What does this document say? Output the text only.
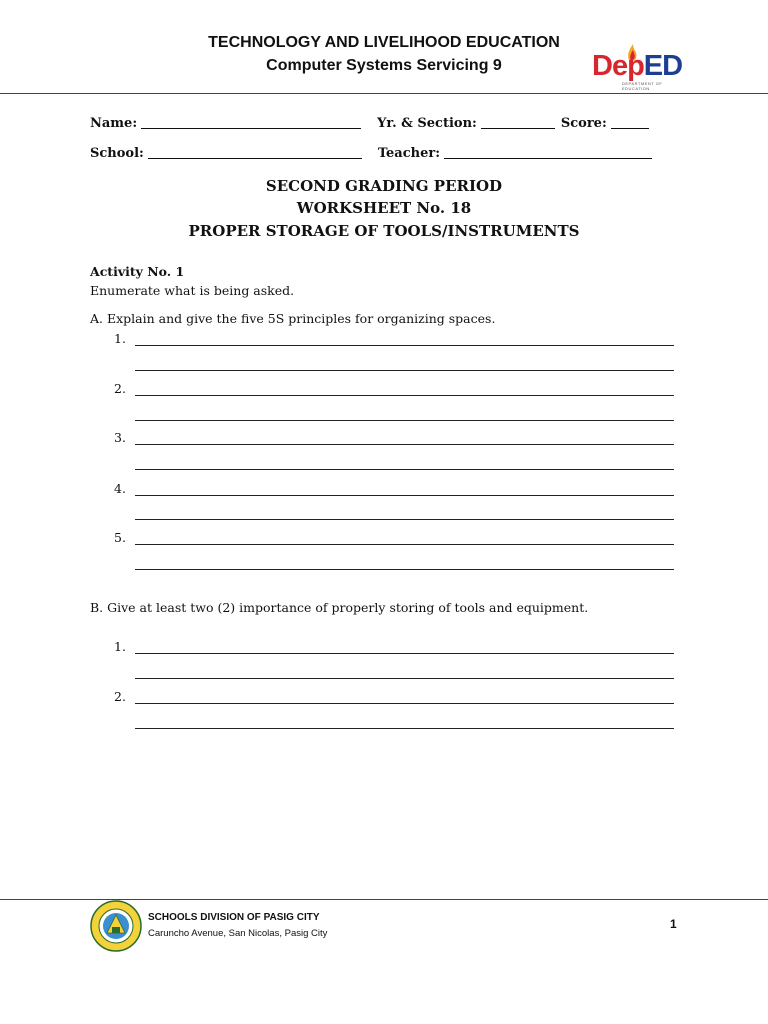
TECHNOLOGY AND LIVELIHOOD EDUCATION
Computer Systems Servicing 9	DepED
DEPARTMENT OF EDUCATION
Name:	Yr. & Section:	Score:
School:	Teacher:
SECOND GRADING PERIOD
WORKSHEET No. 18
PROPER STORAGE OF TOOLS/INSTRUMENTS
Activity No. 1
Enumerate what is being asked.
A. Explain and give the five 5S principles for organizing spaces.
1.
2.
3.
4.
5.
B. Give at least two (2) importance of properly storing of tools and equipment.
1.
2.
SCHOOLS DIVISION OF PASIG CITY
Caruncho Avenue, San Nicolas, Pasig City
1
